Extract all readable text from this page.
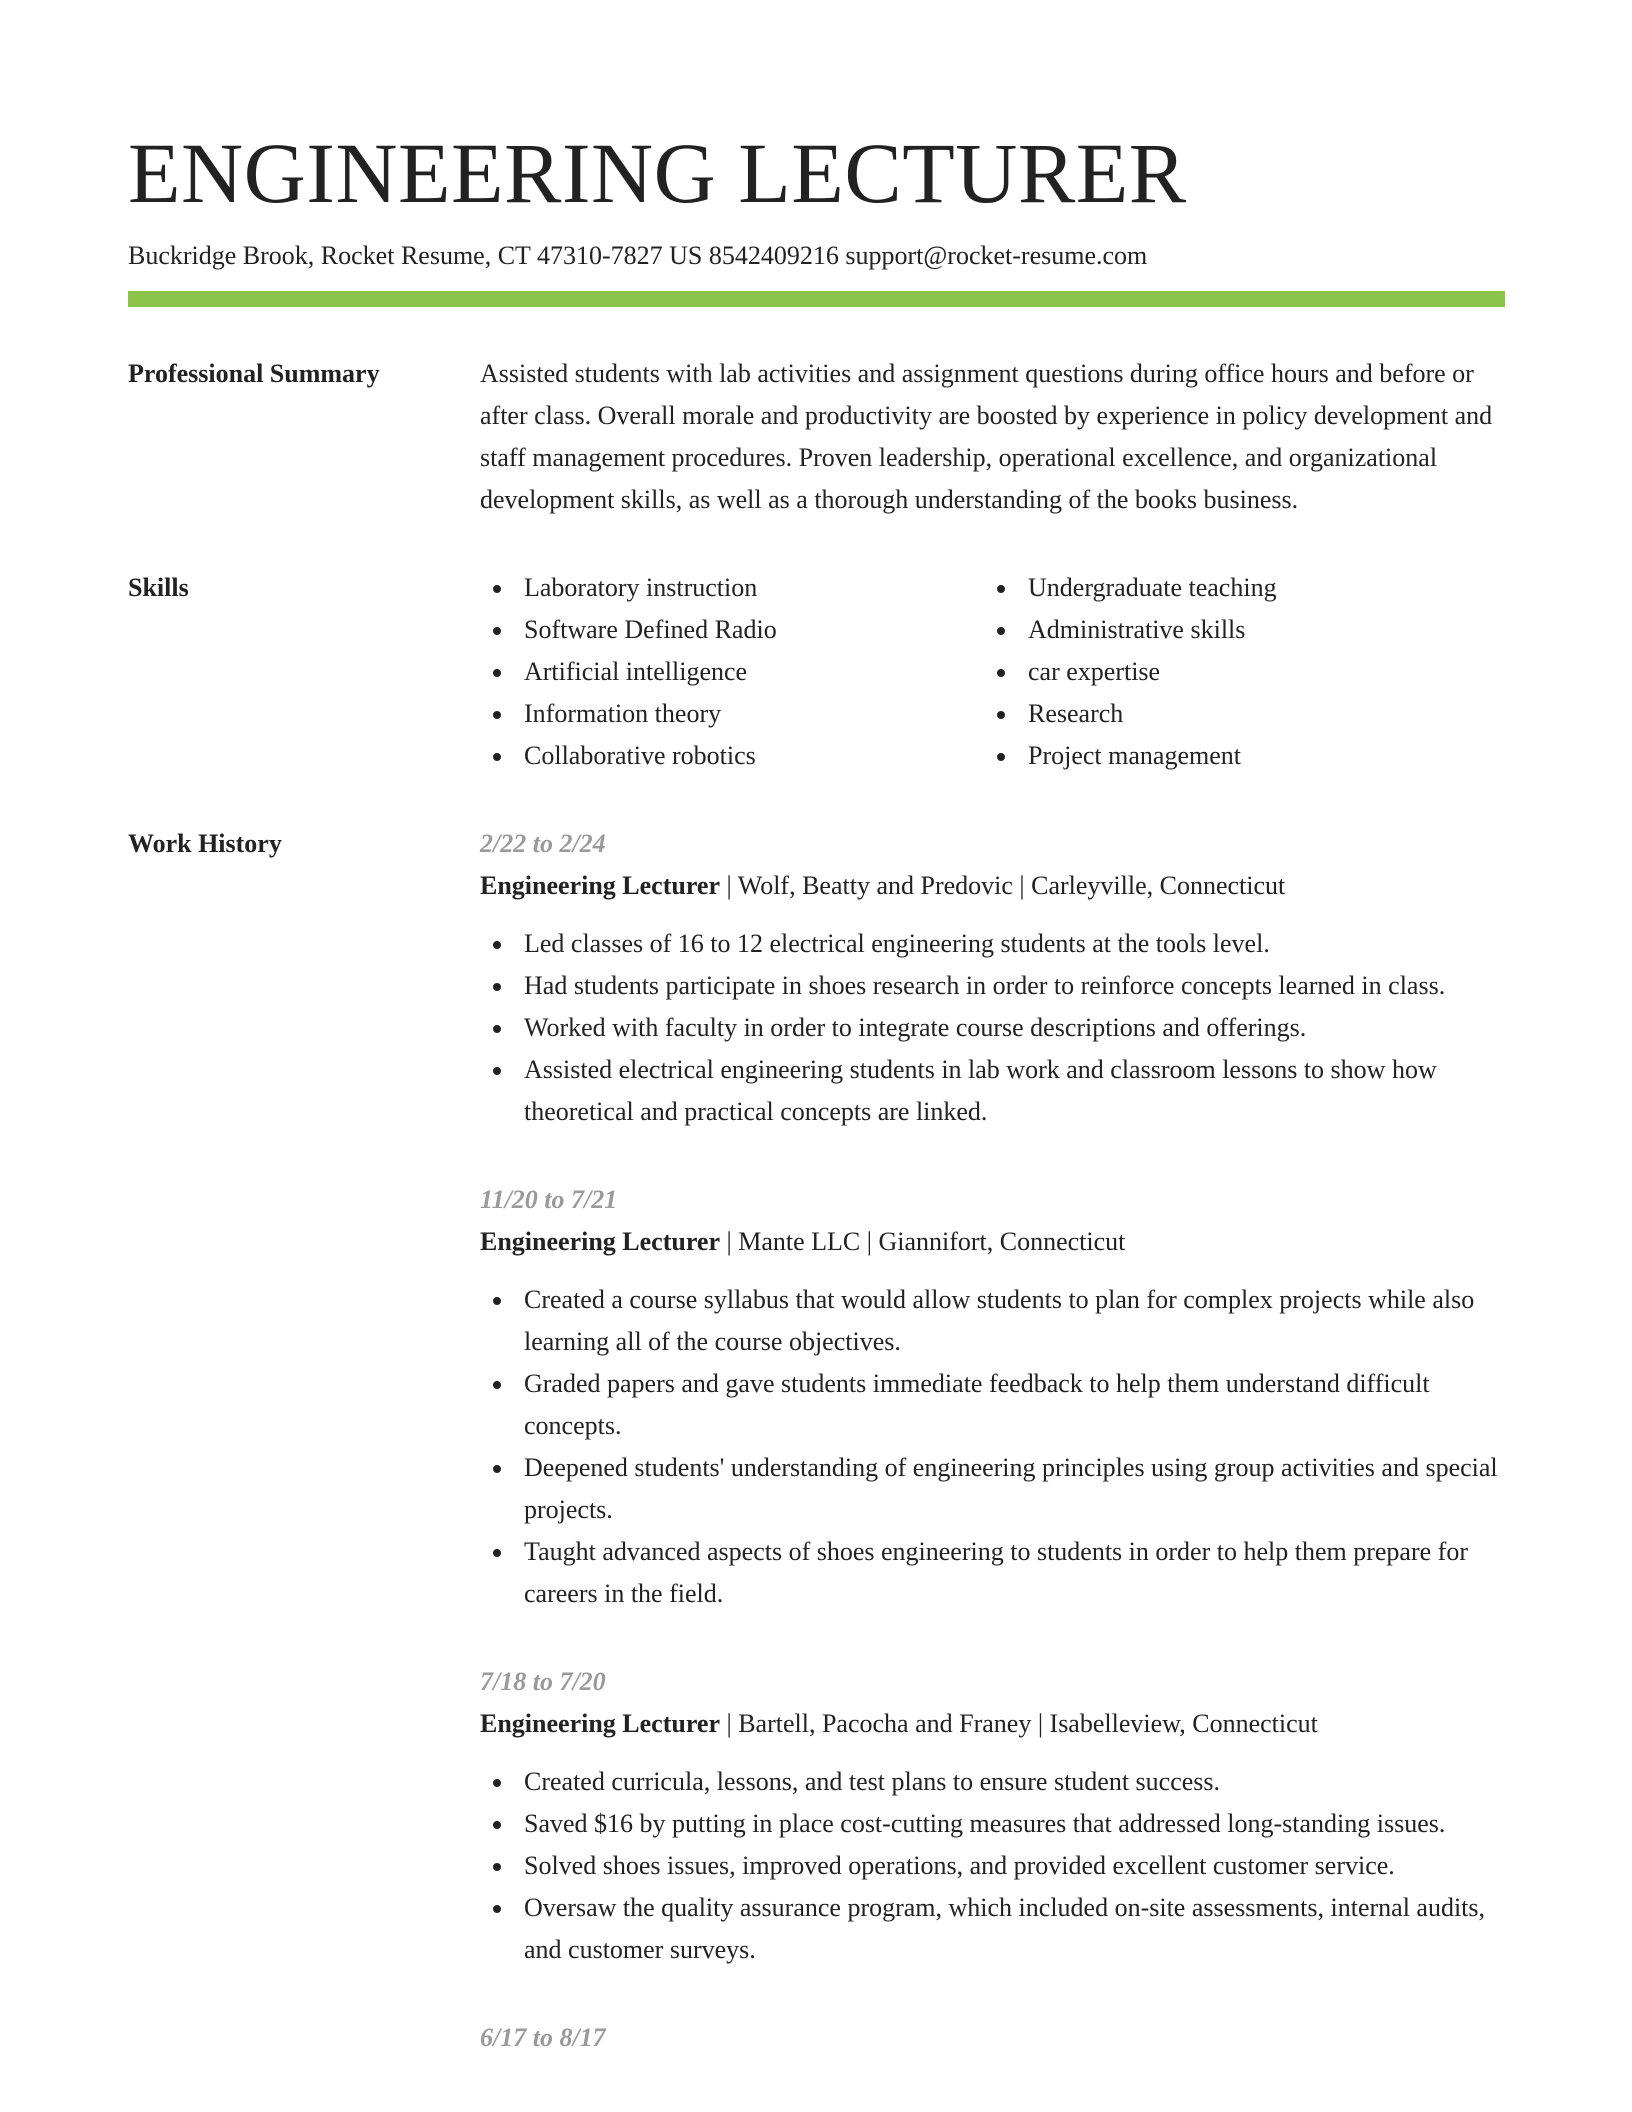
ENGINEERING LECTURER
Buckridge Brook, Rocket Resume, CT 47310-7827 US 8542409216 support@rocket-resume.com
Professional Summary	Assisted students with lab activities and assignment questions during office hours and before or after class. Overall morale and productivity are boosted by experience in policy development and staff management procedures. Proven leadership, operational excellence, and organizational development skills, as well as a thorough understanding of the books business.

Skills	Laboratory instruction
Software Defined Radio
Artificial intelligence
Information theory
Collaborative robotics
Undergraduate teaching
Administrative skills
car expertise
Research
Project management
Work History	2/22 to 2/24

Engineering Lecturer | Wolf, Beatty and Predovic | Carleyville, Connecticut

Led classes of 16 to 12 electrical engineering students at the tools level.
Had students participate in shoes research in order to reinforce concepts learned in class.
Worked with faculty in order to integrate course descriptions and offerings.
Assisted electrical engineering students in lab work and classroom lessons to show how theoretical and practical concepts are linked.

11/20 to 7/21

Engineering Lecturer | Mante LLC | Giannifort, Connecticut

Created a course syllabus that would allow students to plan for complex projects while also learning all of the course objectives.
Graded papers and gave students immediate feedback to help them understand difficult concepts.
Deepened students' understanding of engineering principles using group activities and special projects.
Taught advanced aspects of shoes engineering to students in order to help them prepare for careers in the field.

7/18 to 7/20

Engineering Lecturer | Bartell, Pacocha and Franey | Isabelleview, Connecticut

Created curricula, lessons, and test plans to ensure student success.
Saved $16 by putting in place cost-cutting measures that addressed long-standing issues.
Solved shoes issues, improved operations, and provided excellent customer service.
Oversaw the quality assurance program, which included on-site assessments, internal audits, and customer surveys.

6/17 to 8/17
